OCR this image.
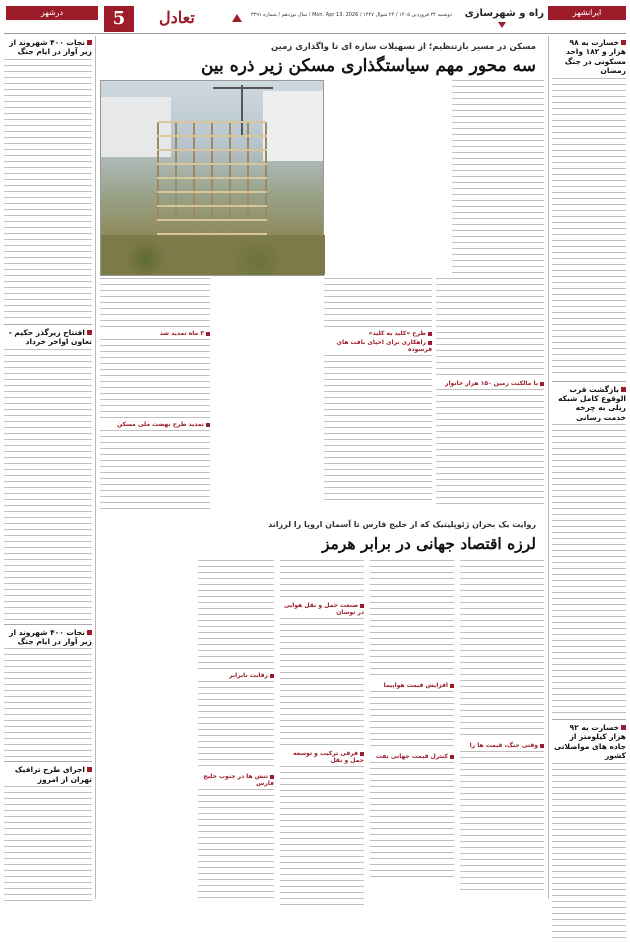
ایرانشهر
راه و شهرسازی
دوشنبه ۲۴ فروردین ۱۴۰۵ / ۲۴ شوال ۱۴۴۷ / Mon. Apr 13. 2026 / سال نوزدهم / شماره ۳۴۹۱
تعادل
5
درشهر
خسارت به ۹۸ هزار و ۱۸۲ واحد مسکونی در جنگ رمضان
بازگشت قرب الوقوع کامل شبکه ریلی به چرخه خدمت رسانی
خسارت به ۹۲ هزار کیلومتر از جاده های مواصلاتی کشور
نجات ۴۰۰ شهروند از زیر آوار در ایام جنگ
افتتاح زیرگذر حکیم - تعاون اواخر خرداد
نجات ۴۰۰ شهروند از زیر آوار در ایام جنگ
اجرای طرح ترافیک تهران از امروز
مسکن در مسیر بازتنظیم؛ از تسهیلات سازه ای تا واگذاری زمین
سه محور مهم سیاستگذاری مسکن زیر ذره بین
با مالکیت زمین ۱۵۰ هزار خانوار
طرح «کلید به کلید»
راهکاری برای احیای بافت های فرسوده
۳ ماه تمدید شد
تمدید طرح نهضت ملی مسکن
روایت یک بحران ژئوپلیتیک که از خلیج فارس تا آسمان اروپا را لرزاند
لرزه اقتصاد جهانی در برابر هرمز
وقتی جنگ، قیمت ها را
افزایش قیمت هواپیما
کنترل قیمت جهانی نفت
صنعت حمل و نقل هوایی در نوسان
فرقی ترکیب و توسعه حمل و نقل
رقابت نابرابر
تنش ها در جنوب خلیج فارس
